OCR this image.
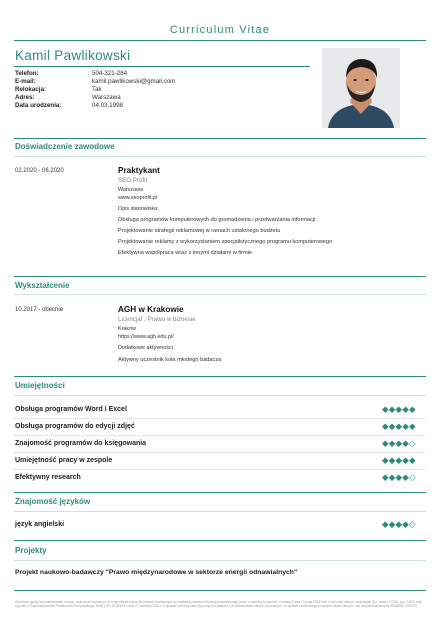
Curriculum Vitae
Kamil Pawlikowski
Telefon:	504-321-284
E-mail:	kamil.pawlikowski@gmail.com
Relokacja:	Tak
Adres:	Warszawa
Data urodzenia:	04.03.1998
Doświadczenie zawodowe
02.2020 - 06.2020	Praktykant
SEO Profit
Warszawa
www.seoprofit.pl
Opis stanowiska:
Obsługa programów komputerowych do gromadzenia i przetwarzania informacji
Projektowanie strategii reklamowej w ramach ustalonego budżetu
Projektowanie reklamy z wykorzystaniem specjalistycznego programu komputerowego
Efektywna współpraca wraz z innymi działami w firmie
Wykształcenie
10.2017 - obecnie	AGH w Krakowie
Licencjat , Prawo w biznesie
Kraków
https://www.agh.edu.pl/
Dodatkowe aktywności
Aktywny uczestnik koła młodego badacza
Umiejętności
Obsługa programów Word i Excel	◆◆◆◆◆
Obsługa programów do edycji zdjęć	◆◆◆◆◆
Znajomość programów do księgowania	◆◆◆◆◇
Umiejętność pracy w zespole	◆◆◆◆◆
Efektywny research	◆◆◆◆◇
Znajomość języków
język angielski	◆◆◆◆◇
Projekty
Projekt naukowo-badawczy "Prawo międzynarodowe w sektorze energii odnawialnych"
Wyrażam zgodę na przetwarzanie danych osobowych zawartych w mojej ofercie pracy dla potrzeb niezbędnych do realizacji procesu rekrutacji prowadzonego przez z siedzibą w zgodnie z ustawą z dnia 10 maja 2018 roku o ochronie danych osobowych (Dz. Ustaw z 2018, poz. 1000) oraz zgodnie z Rozporządzeniem Parlamentu Europejskiego i Rady (UE) 2016/679 z dnia 27 kwietnia 2016 r. w sprawie ochrony osób fizycznych w związku z przetwarzaniem danych osobowych i w sprawie swobodnego przepływu takich danych oraz uchylenia dyrektywy 95/46/WE (RODO).
